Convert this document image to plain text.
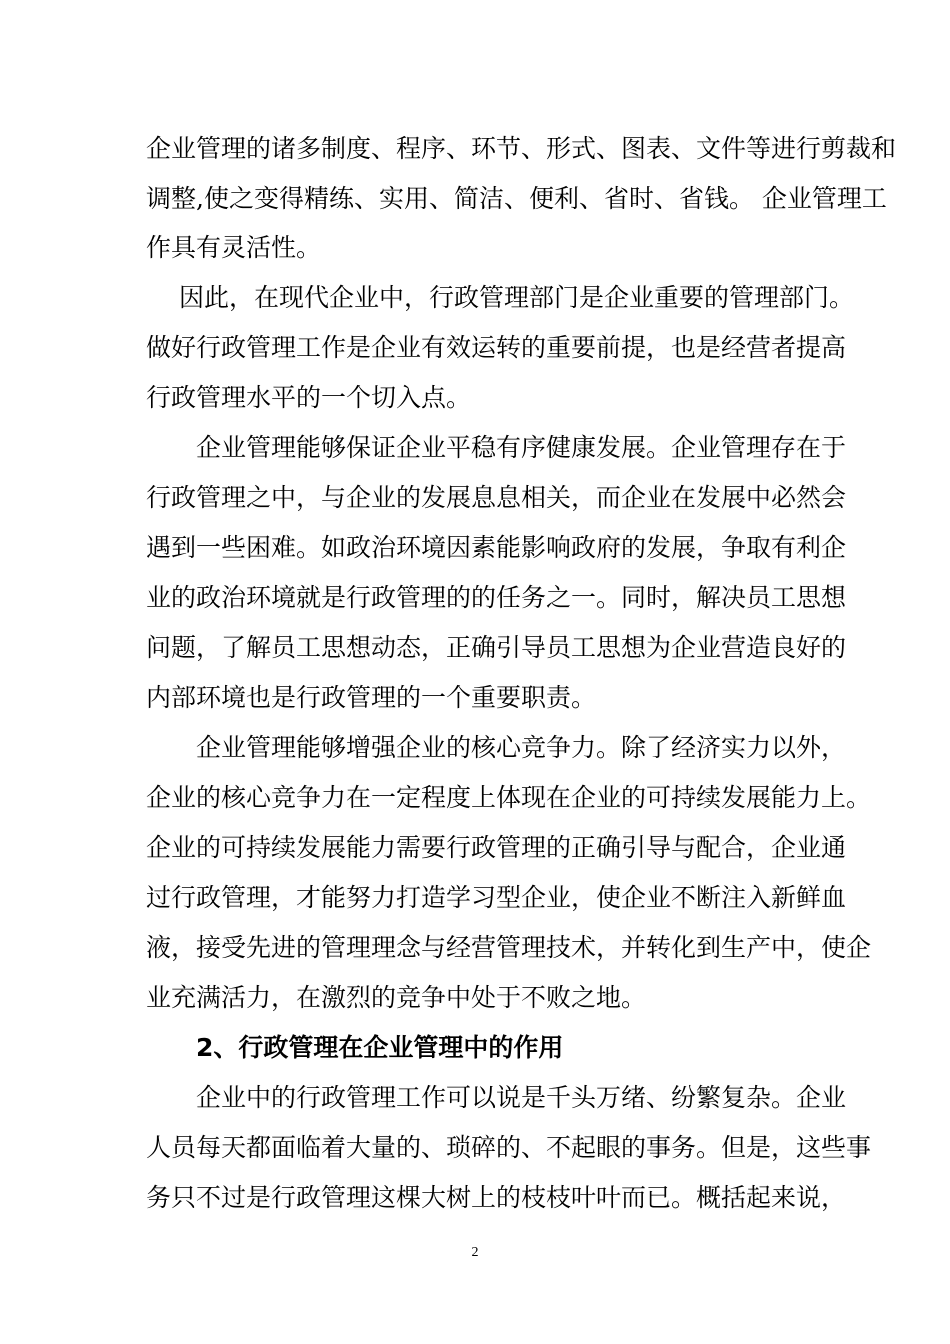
企业管理的诸多制度、程序、环节、形式、图表、文件等进行剪裁和
调整,使之变得精练、实用、简洁、便利、省时、省钱。 企业管理工
作具有灵活性。
因此，在现代企业中，行政管理部门是企业重要的管理部门。
做好行政管理工作是企业有效运转的重要前提，也是经营者提高
行政管理水平的一个切入点。
企业管理能够保证企业平稳有序健康发展。企业管理存在于
行政管理之中，与企业的发展息息相关，而企业在发展中必然会
遇到一些困难。如政治环境因素能影响政府的发展，争取有利企
业的政治环境就是行政管理的的任务之一。同时，解决员工思想
问题，了解员工思想动态，正确引导员工思想为企业营造良好的
内部环境也是行政管理的一个重要职责。
企业管理能够增强企业的核心竞争力。除了经济实力以外，
企业的核心竞争力在一定程度上体现在企业的可持续发展能力上。
企业的可持续发展能力需要行政管理的正确引导与配合，企业通
过行政管理，才能努力打造学习型企业，使企业不断注入新鲜血
液，接受先进的管理理念与经营管理技术，并转化到生产中，使企
业充满活力，在激烈的竞争中处于不败之地。
2、行政管理在企业管理中的作用
企业中的行政管理工作可以说是千头万绪、纷繁复杂。企业
人员每天都面临着大量的、琐碎的、不起眼的事务。但是，这些事
务只不过是行政管理这棵大树上的枝枝叶叶而已。概括起来说，
2
